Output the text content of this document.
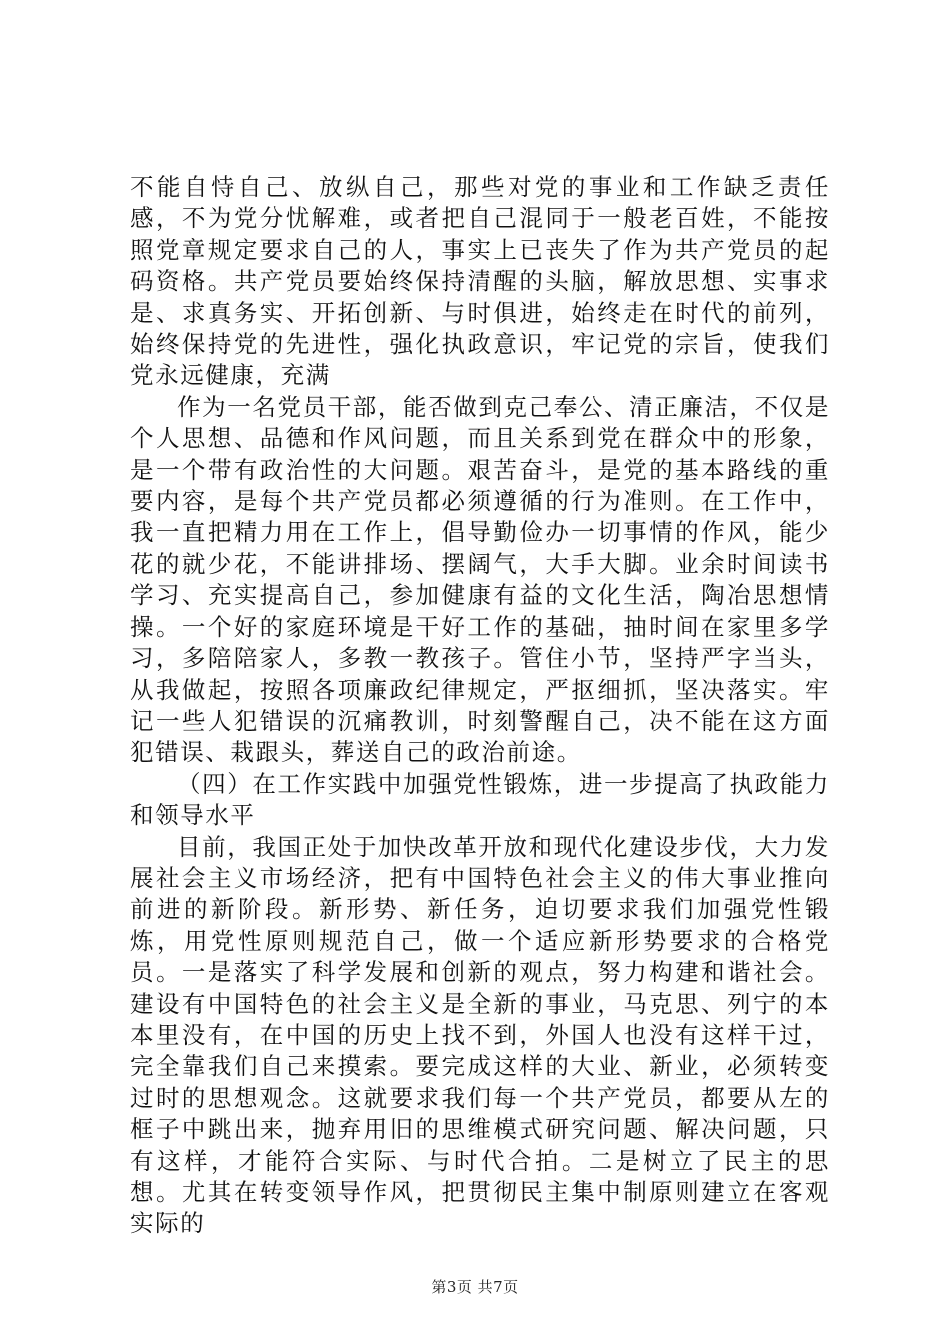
不能自恃自己、放纵自己，那些对党的事业和工作缺乏责任感，不为党分忧解难，或者把自己混同于一般老百姓，不能按照党章规定要求自己的人，事实上已丧失了作为共产党员的起码资格。共产党员要始终保持清醒的头脑，解放思想、实事求是、求真务实、开拓创新、与时俱进，始终走在时代的前列，始终保持党的先进性，强化执政意识，牢记党的宗旨，使我们党永远健康，充满

作为一名党员干部，能否做到克己奉公、清正廉洁，不仅是个人思想、品德和作风问题，而且关系到党在群众中的形象，是一个带有政治性的大问题。艰苦奋斗，是党的基本路线的重要内容，是每个共产党员都必须遵循的行为准则。在工作中，我一直把精力用在工作上，倡导勤俭办一切事情的作风，能少花的就少花，不能讲排场、摆阔气，大手大脚。业余时间读书学习、充实提高自己，参加健康有益的文化生活，陶冶思想情操。一个好的家庭环境是干好工作的基础，抽时间在家里多学习，多陪陪家人，多教一教孩子。管住小节，坚持严字当头，从我做起，按照各项廉政纪律规定，严抠细抓，坚决落实。牢记一些人犯错误的沉痛教训，时刻警醒自己，决不能在这方面犯错误、栽跟头，葬送自己的政治前途。

（四）在工作实践中加强党性锻炼，进一步提高了执政能力和领导水平

目前，我国正处于加快改革开放和现代化建设步伐，大力发展社会主义市场经济，把有中国特色社会主义的伟大事业推向前进的新阶段。新形势、新任务，迫切要求我们加强党性锻炼，用党性原则规范自己，做一个适应新形势要求的合格党员。一是落实了科学发展和创新的观点，努力构建和谐社会。建设有中国特色的社会主义是全新的事业，马克思、列宁的本本里没有，在中国的历史上找不到，外国人也没有这样干过，完全靠我们自己来摸索。要完成这样的大业、新业，必须转变过时的思想观念。这就要求我们每一个共产党员，都要从左的框子中跳出来，抛弃用旧的思维模式研究问题、解决问题，只有这样，才能符合实际、与时代合拍。二是树立了民主的思想。尤其在转变领导作风，把贯彻民主集中制原则建立在客观实际的

第3页 共7页
